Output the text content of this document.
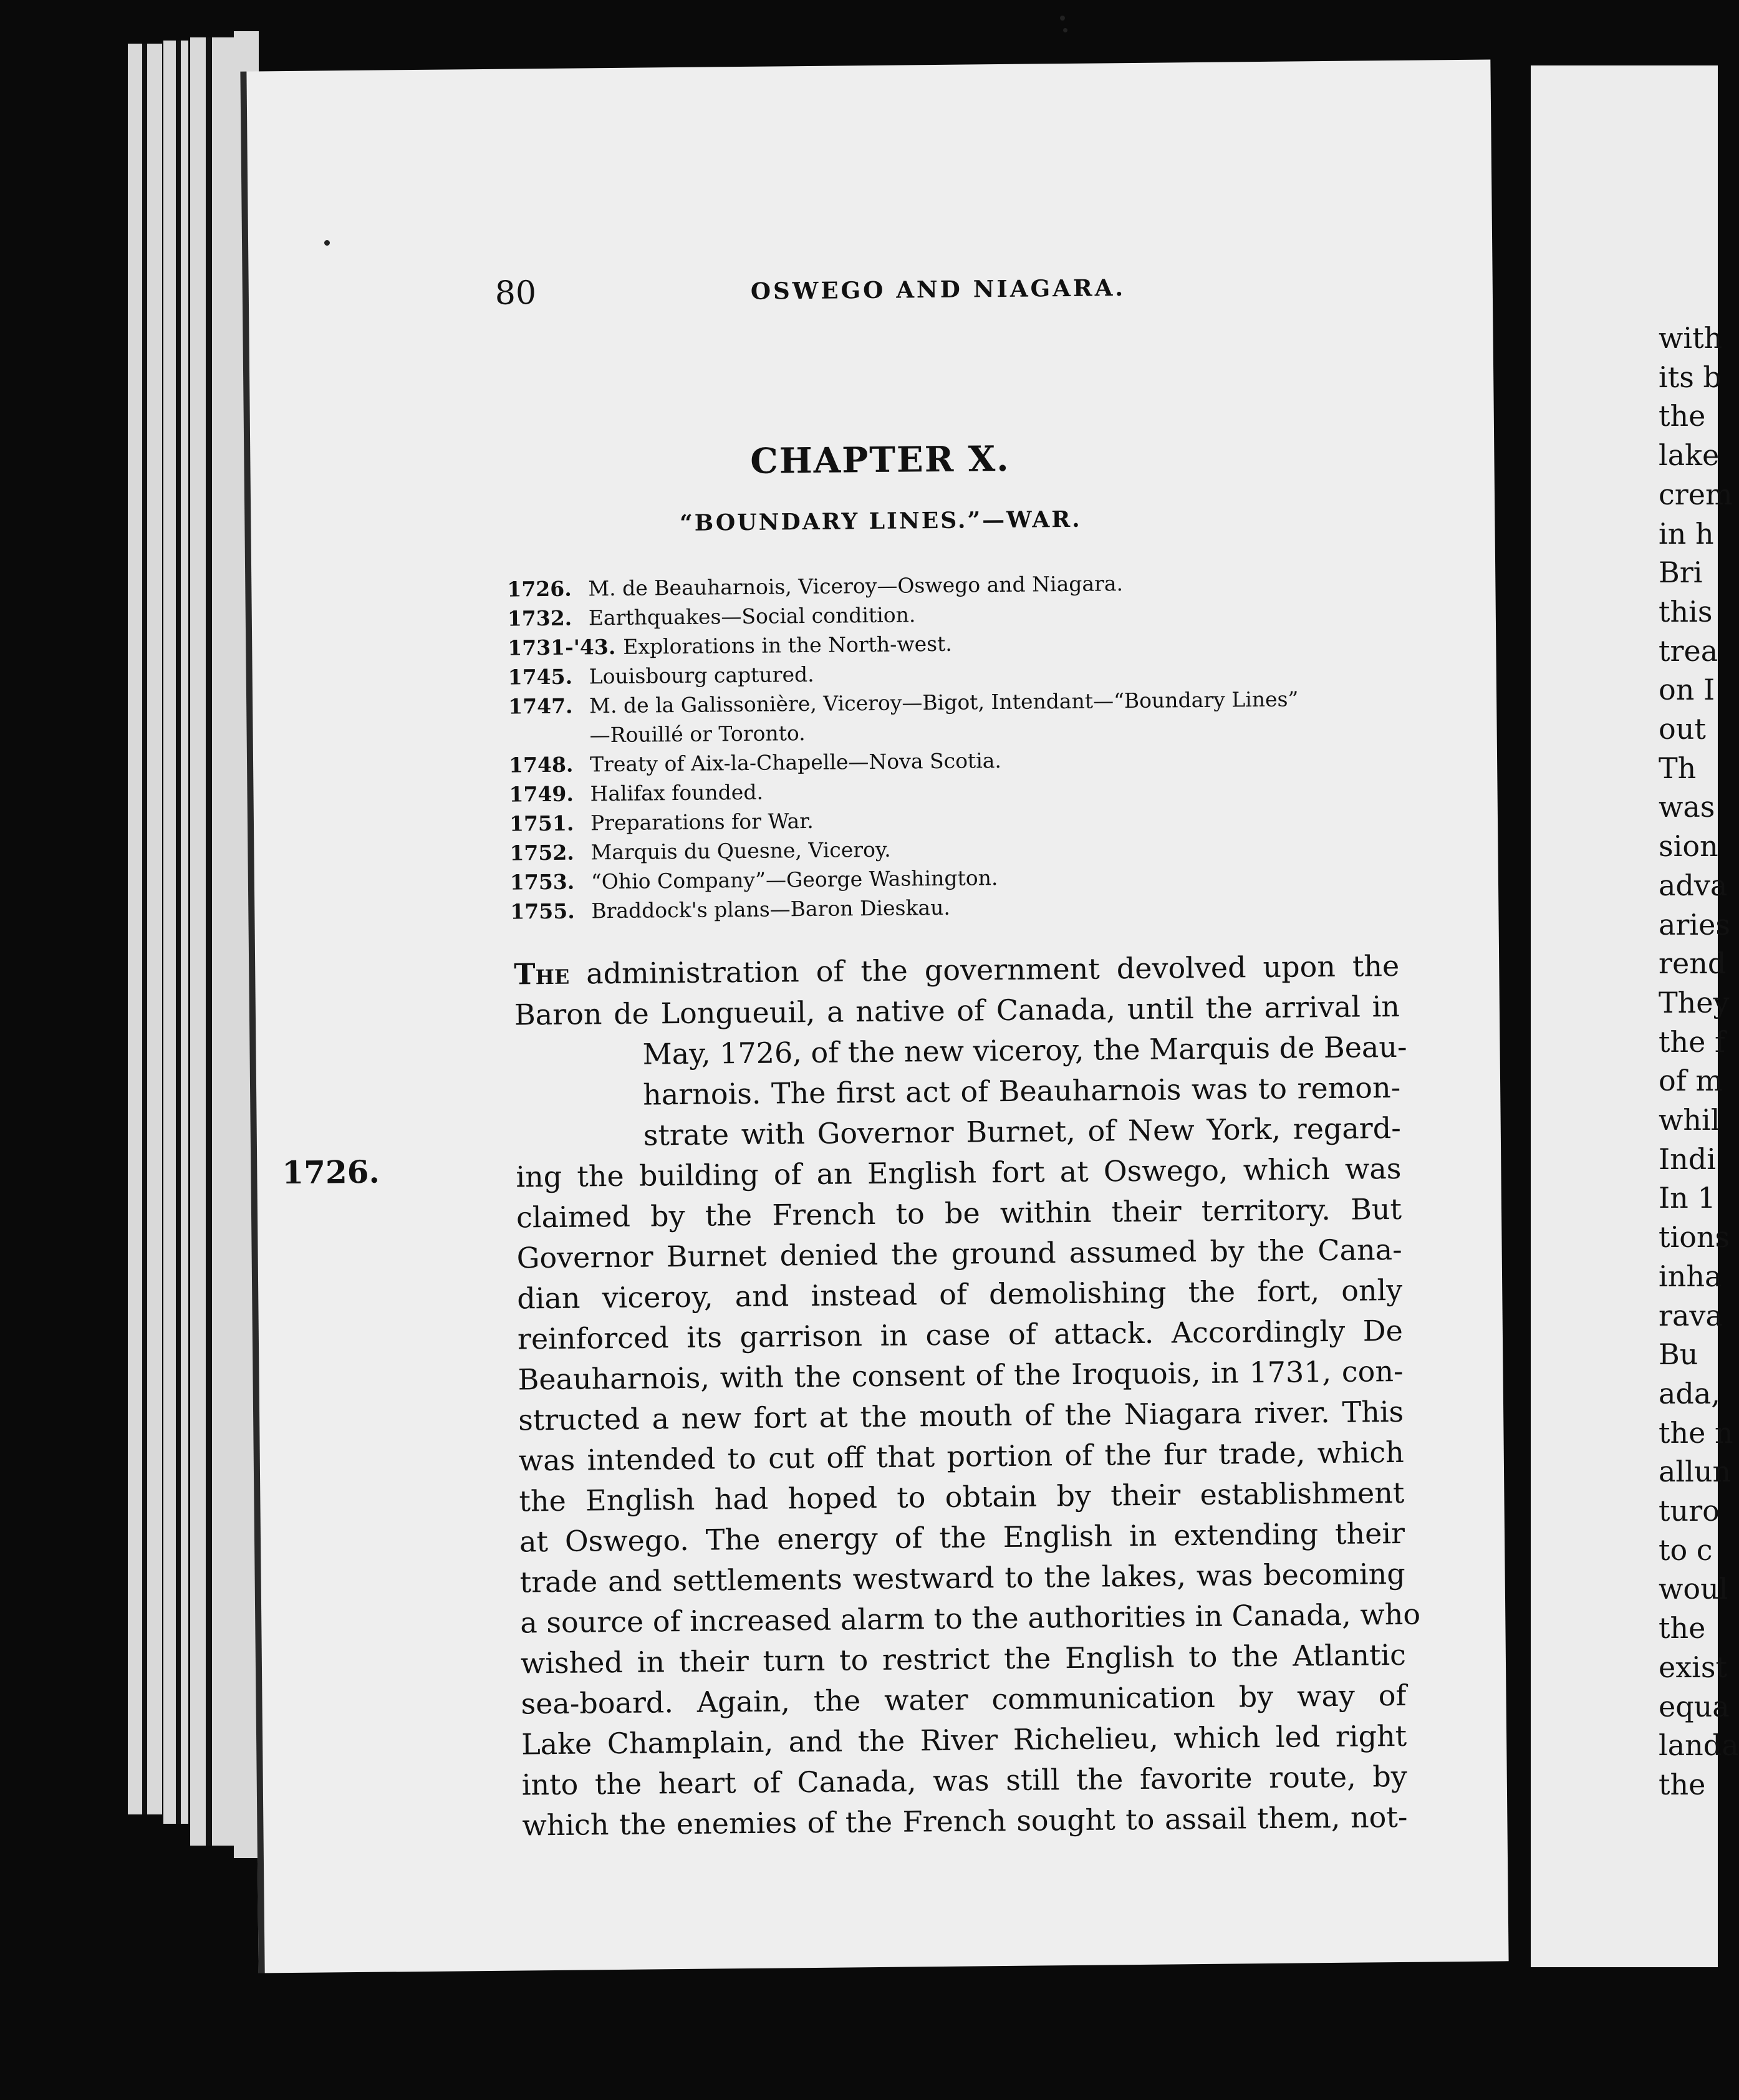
80	OSWEGO AND NIAGARA.
CHAPTER X.
“BOUNDARY LINES.”—WAR.
1726. M. de Beauharnois, Viceroy—Oswego and Niagara.
1732. Earthquakes—Social condition.
1731-'43. Explorations in the North-west.
1745. Louisbourg captured.
1747. M. de la Galissonière, Viceroy—Bigot, Intendant—“Boundary Lines”
—Rouillé or Toronto.
1748. Treaty of Aix-la-Chapelle—Nova Scotia.
1749. Halifax founded.
1751. Preparations for War.
1752. Marquis du Quesne, Viceroy.
1753. “Ohio Company”—George Washington.
1755. Braddock's plans—Baron Dieskau.
1726.
The administration of the government devolved upon the
Baron de Longueuil, a native of Canada, until the arrival in
May, 1726, of the new viceroy, the Marquis de Beau-
harnois. The first act of Beauharnois was to remon-
strate with Governor Burnet, of New York, regard-
ing the building of an English fort at Oswego, which was
claimed by the French to be within their territory. But
Governor Burnet denied the ground assumed by the Cana-
dian viceroy, and instead of demolishing the fort, only
reinforced its garrison in case of attack. Accordingly De
Beauharnois, with the consent of the Iroquois, in 1731, con-
structed a new fort at the mouth of the Niagara river. This
was intended to cut off that portion of the fur trade, which
the English had hoped to obtain by their establishment
at Oswego. The energy of the English in extending their
trade and settlements westward to the lakes, was becoming
a source of increased alarm to the authorities in Canada, who
wished in their turn to restrict the English to the Atlantic
sea-board. Again, the water communication by way of
Lake Champlain, and the River Richelieu, which led right
into the heart of Canada, was still the favorite route, by
which the enemies of the French sought to assail them, not-
with
its b
the
lake
crem
in h
Bri
this
trea
on I
out
Th
was
sion
adva
aries
rend
They
the f
of m
whil
Indi
In 1
tions
inha
rava
Bu
ada,
the n
allun
turo
to c
woul
the
exist
equa
landa
the
